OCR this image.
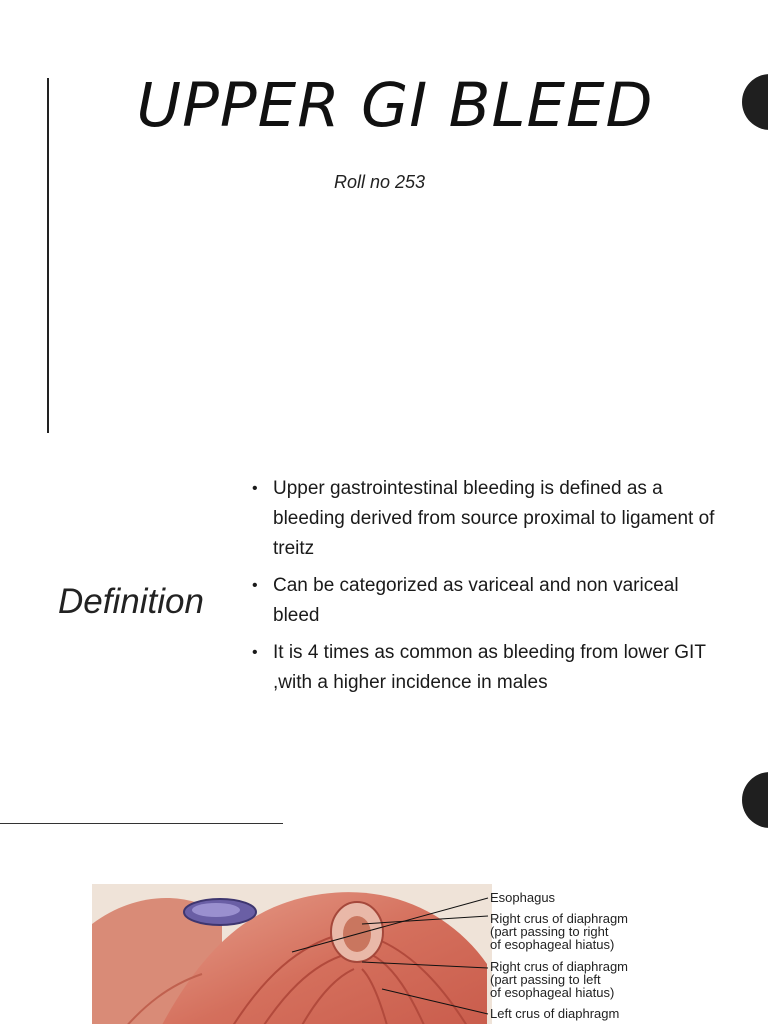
UPPER GI BLEED
Roll no 253
Definition
• Upper gastrointestinal bleeding is defined as a bleeding derived from source proximal to ligament of treitz
• Can be categorized as variceal and non variceal bleed
• It is 4 times as common as bleeding from lower GIT ,with a higher incidence in males
Esophagus
Right crus of diaphragm
(part passing to right
of esophageal hiatus)
Right crus of diaphragm
(part passing to left
of esophageal hiatus)
Left crus of diaphragm
